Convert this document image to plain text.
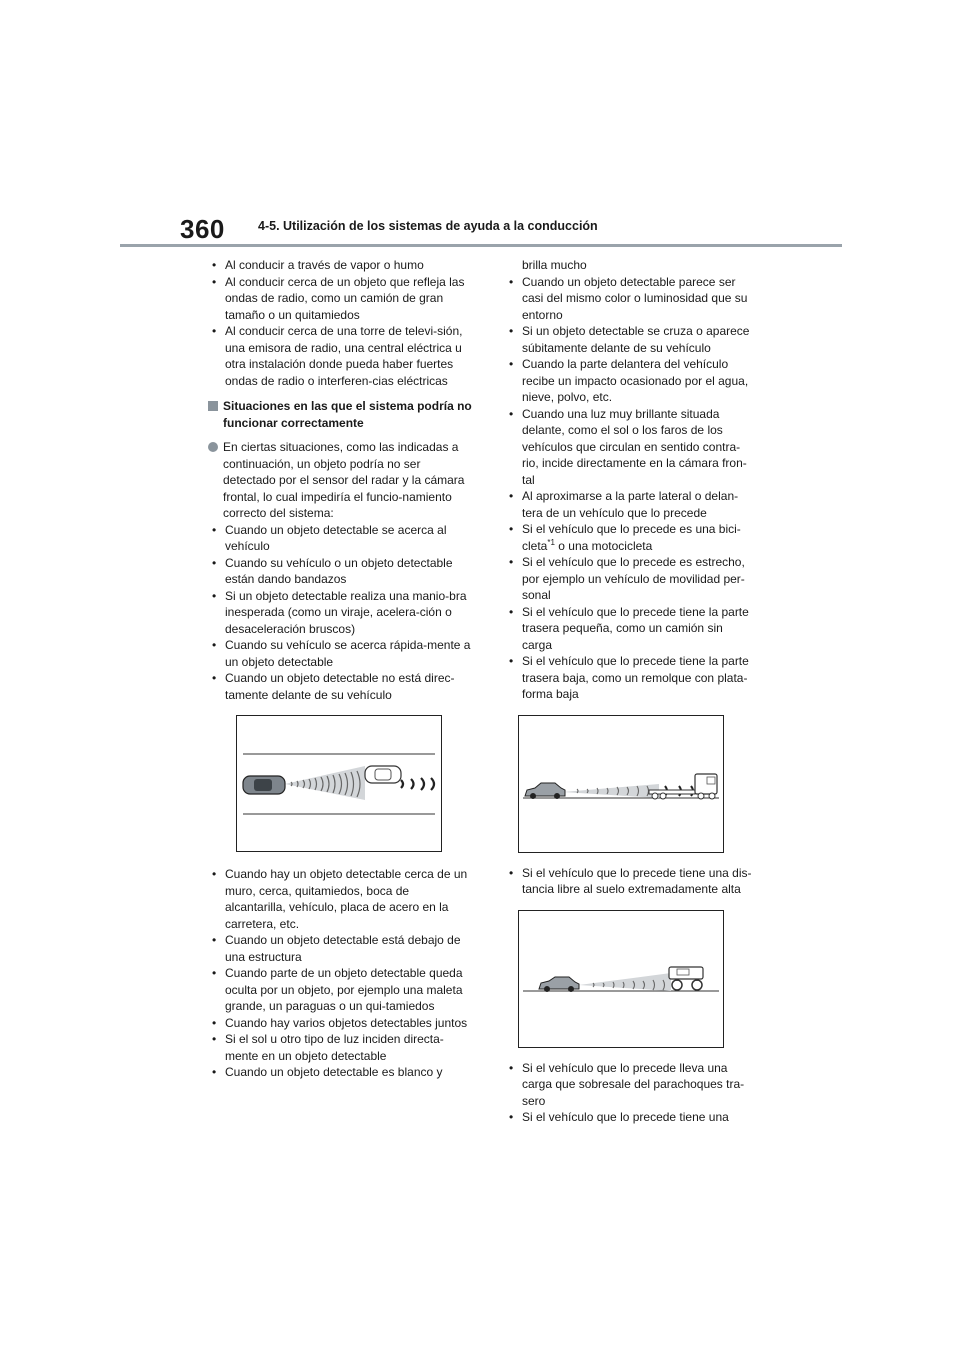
360	4-5. Utilización de los sistemas de ayuda a la conducción

• Al conducir a través de vapor o humo

• Al conducir cerca de un objeto que refleja las ondas de radio, como un camión de gran tamaño o un quitamiedos

• Al conducir cerca de una torre de televi-sión, una emisora de radio, una central eléctrica u otra instalación donde pueda haber fuertes ondas de radio o interferen-cias eléctricas

Situaciones en las que el sistema podría no funcionar correctamente
En ciertas situaciones, como las indicadas a continuación, un objeto podría no ser detectado por el sensor del radar y la cámara frontal, lo cual impediría el funcio-namiento correcto del sistema:

• Cuando un objeto detectable se acerca al vehículo

• Cuando su vehículo o un objeto detectable están dando bandazos

• Si un objeto detectable realiza una manio-bra inesperada (como un viraje, acelera-ción o desaceleración bruscos)

• Cuando su vehículo se acerca rápida-mente a un objeto detectable

• Cuando un objeto detectable no está direc-tamente delante de su vehículo

• Cuando hay un objeto detectable cerca de un muro, cerca, quitamiedos, boca de alcantarilla, vehículo, placa de acero en la carretera, etc.

• Cuando un objeto detectable está debajo de una estructura

• Cuando parte de un objeto detectable queda oculta por un objeto, por ejemplo una maleta grande, un paraguas o un qui-tamiedos

• Cuando hay varios objetos detectables juntos

• Si el sol u otro tipo de luz inciden directa-mente en un objeto detectable

• Cuando un objeto detectable es blanco y

brilla mucho

• Cuando un objeto detectable parece ser casi del mismo color o luminosidad que su entorno

• Si un objeto detectable se cruza o aparece súbitamente delante de su vehículo

• Cuando la parte delantera del vehículo recibe un impacto ocasionado por el agua, nieve, polvo, etc.

• Cuando una luz muy brillante situada delante, como el sol o los faros de los vehículos que circulan en sentido contra-rio, incide directamente en la cámara fron-tal

• Al aproximarse a la parte lateral o delan-tera de un vehículo que lo precede

• Si el vehículo que lo precede es una bici-cleta$^{*1}$ o una motocicleta

• Si el vehículo que lo precede es estrecho, por ejemplo un vehículo de movilidad per-sonal

• Si el vehículo que lo precede tiene la parte trasera pequeña, como un camión sin carga

• Si el vehículo que lo precede tiene la parte trasera baja, como un remolque con plata-forma baja

• Si el vehículo que lo precede tiene una dis-tancia libre al suelo extremadamente alta

• Si el vehículo que lo precede lleva una carga que sobresale del parachoques tra-sero

• Si el vehículo que lo precede tiene una
